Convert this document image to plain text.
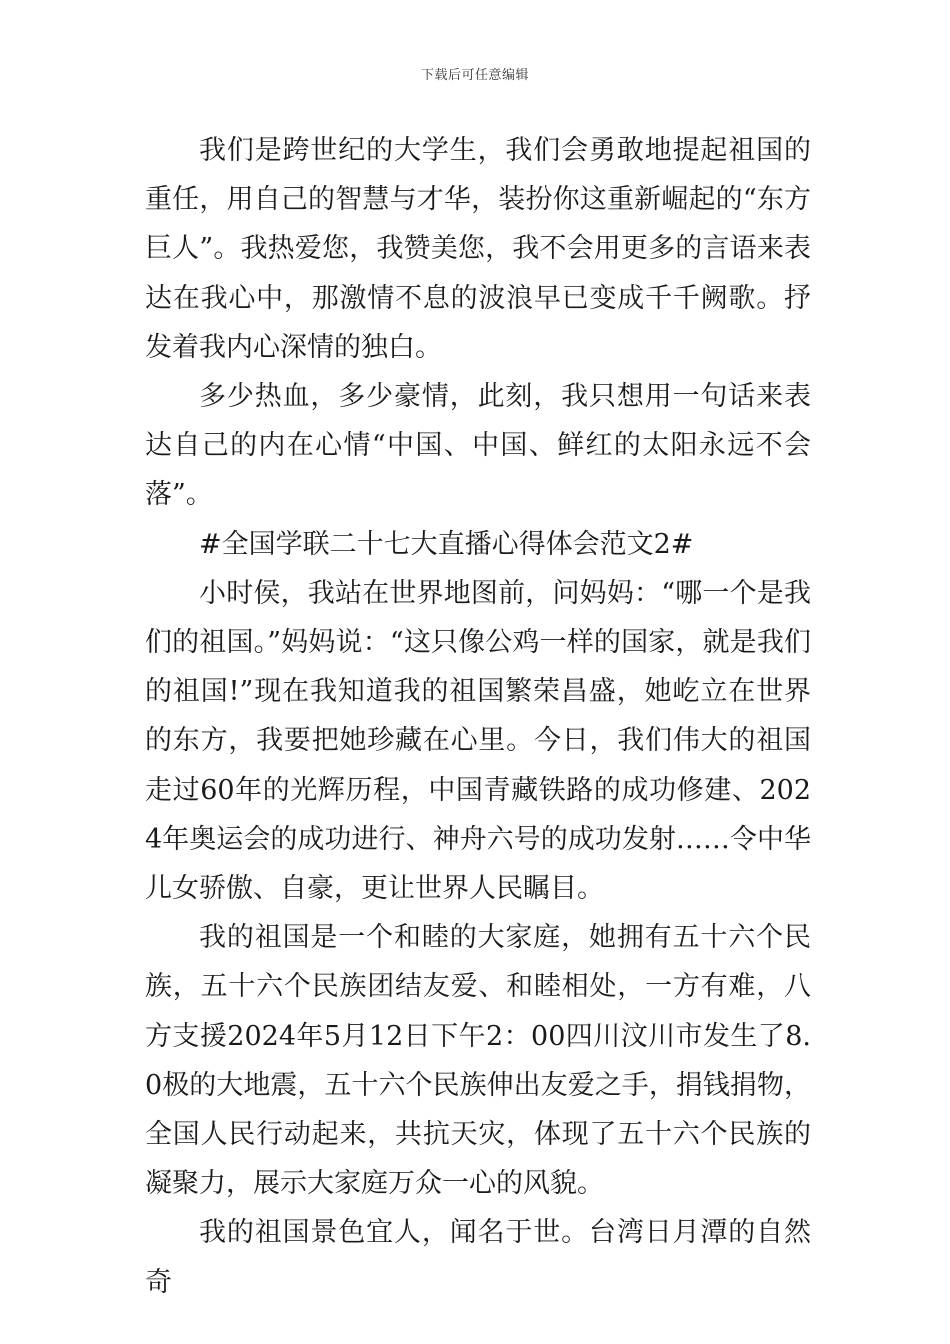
下载后可任意编辑

我们是跨世纪的大学生，我们会勇敢地提起祖国的重任，用自己的智慧与才华，装扮你这重新崛起的“东方巨人”。我热爱您，我赞美您，我不会用更多的言语来表达在我心中，那激情不息的波浪早已变成千千阙歌。抒发着我内心深情的独白。

多少热血，多少豪情，此刻，我只想用一句话来表达自己的内在心情“中国、中国、鲜红的太阳永远不会落”。

#全国学联二十七大直播心得体会范文2#

小时侯，我站在世界地图前，问妈妈：“哪一个是我们的祖国。”妈妈说：“这只像公鸡一样的国家，就是我们的祖国!”现在我知道我的祖国繁荣昌盛，她屹立在世界的东方，我要把她珍藏在心里。今日，我们伟大的祖国走过60年的光辉历程，中国青藏铁路的成功修建、2024年奥运会的成功进行、神舟六号的成功发射……令中华儿女骄傲、自豪，更让世界人民瞩目。

我的祖国是一个和睦的大家庭，她拥有五十六个民族，五十六个民族团结友爱、和睦相处，一方有难，八方支援2024年5月12日下午2：00四川汶川市发生了8.0极的大地震，五十六个民族伸出友爱之手，捐钱捐物，全国人民行动起来，共抗天灾，体现了五十六个民族的凝聚力，展示大家庭万众一心的风貌。

我的祖国景色宜人，闻名于世。台湾日月潭的自然奇
